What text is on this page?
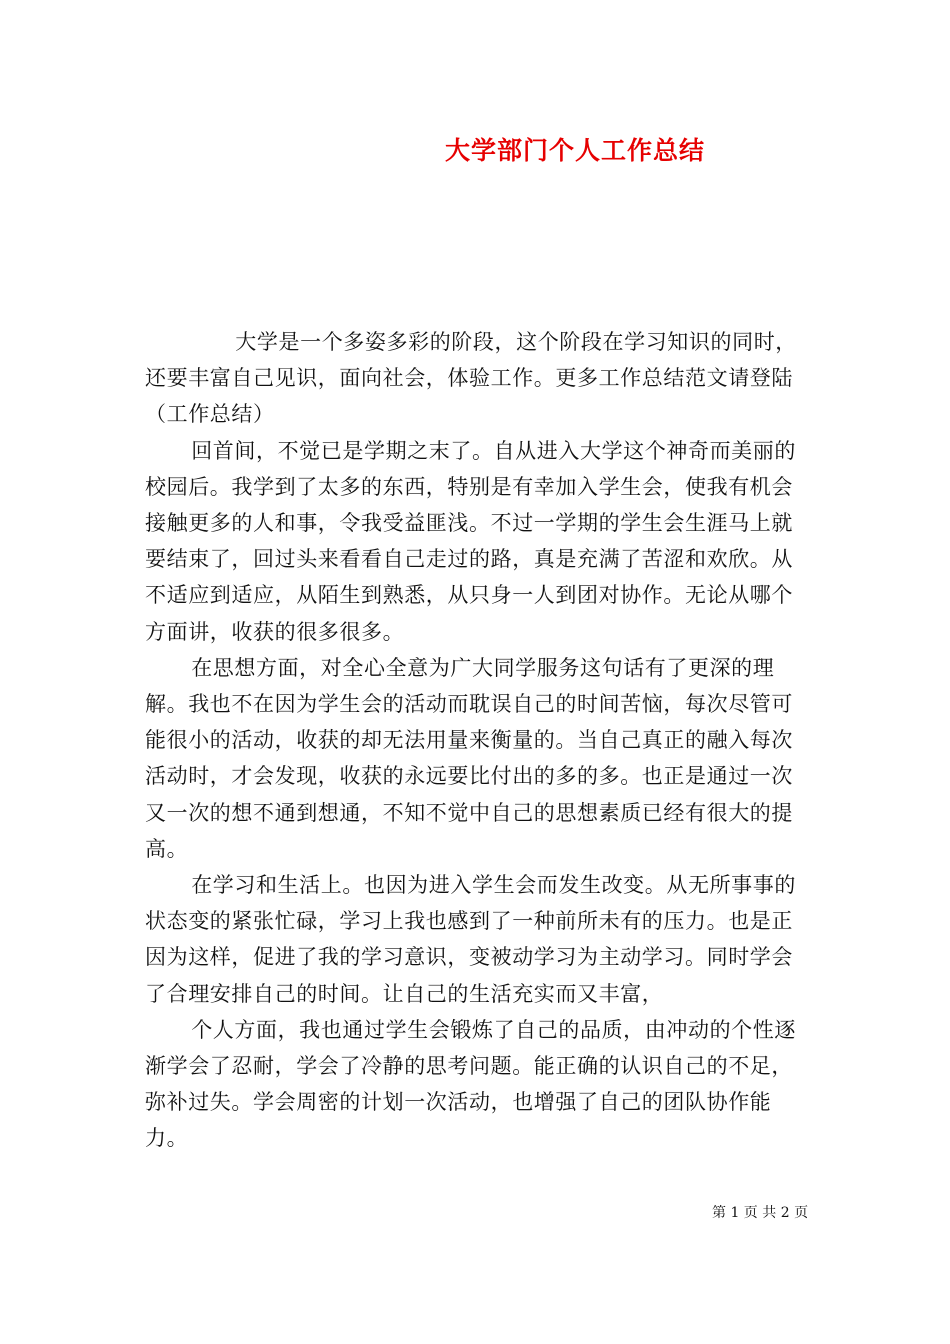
大学部门个人工作总结

大学是一个多姿多彩的阶段，这个阶段在学习知识的同时，还要丰富自己见识，面向社会，体验工作。更多工作总结范文请登陆（工作总结）

回首间，不觉已是学期之末了。自从进入大学这个神奇而美丽的校园后。我学到了太多的东西，特别是有幸加入学生会，使我有机会接触更多的人和事，令我受益匪浅。不过一学期的学生会生涯马上就要结束了，回过头来看看自己走过的路，真是充满了苦涩和欢欣。从不适应到适应，从陌生到熟悉，从只身一人到团对协作。无论从哪个方面讲，收获的很多很多。

在思想方面，对全心全意为广大同学服务这句话有了更深的理解。我也不在因为学生会的活动而耽误自己的时间苦恼，每次尽管可能很小的活动，收获的却无法用量来衡量的。当自己真正的融入每次活动时，才会发现，收获的永远要比付出的多的多。也正是通过一次又一次的想不通到想通，不知不觉中自己的思想素质已经有很大的提高。

在学习和生活上。也因为进入学生会而发生改变。从无所事事的状态变的紧张忙碌，学习上我也感到了一种前所未有的压力。也是正因为这样，促进了我的学习意识，变被动学习为主动学习。同时学会了合理安排自己的时间。让自己的生活充实而又丰富，

个人方面，我也通过学生会锻炼了自己的品质，由冲动的个性逐渐学会了忍耐，学会了冷静的思考问题。能正确的认识自己的不足，弥补过失。学会周密的计划一次活动，也增强了自己的团队协作能力。

第 1 页 共 2 页
